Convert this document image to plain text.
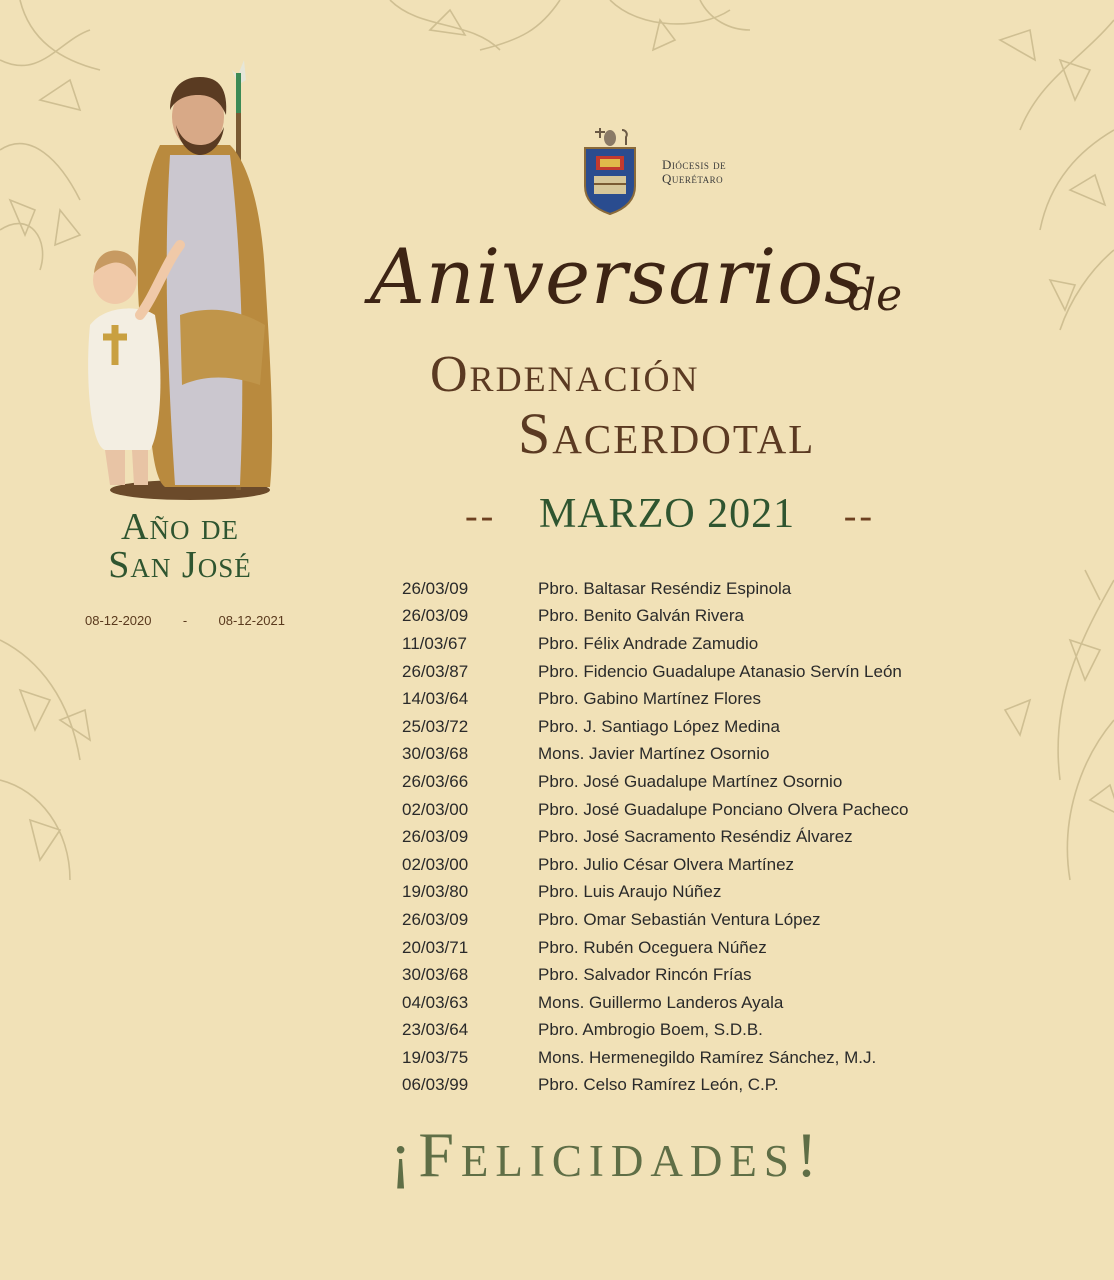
Año de
San José
08-12-2020 - 08-12-2021
Diócesis de
Querétaro
Aniversarios
de
Ordenación
Sacerdotal
-- MARZO 2021 --
26/03/09	Pbro. Baltasar Reséndiz Espinola
26/03/09	Pbro. Benito Galván Rivera
11/03/67	Pbro. Félix Andrade Zamudio
26/03/87	Pbro. Fidencio Guadalupe Atanasio Servín León
14/03/64	Pbro. Gabino Martínez Flores
25/03/72	Pbro. J. Santiago López Medina
30/03/68	Mons. Javier Martínez Osornio
26/03/66	Pbro. José Guadalupe Martínez Osornio
02/03/00	Pbro. José Guadalupe Ponciano Olvera Pacheco
26/03/09	Pbro. José Sacramento Reséndiz Álvarez
02/03/00	Pbro. Julio César Olvera Martínez
19/03/80	Pbro. Luis Araujo Núñez
26/03/09	Pbro. Omar Sebastián Ventura López
20/03/71	Pbro. Rubén Oceguera Núñez
30/03/68	Pbro. Salvador Rincón Frías
04/03/63	Mons. Guillermo Landeros Ayala
23/03/64	Pbro. Ambrogio Boem, S.D.B.
19/03/75	Mons. Hermenegildo Ramírez Sánchez, M.J.
06/03/99	Pbro. Celso Ramírez León, C.P.
¡Felicidades!
